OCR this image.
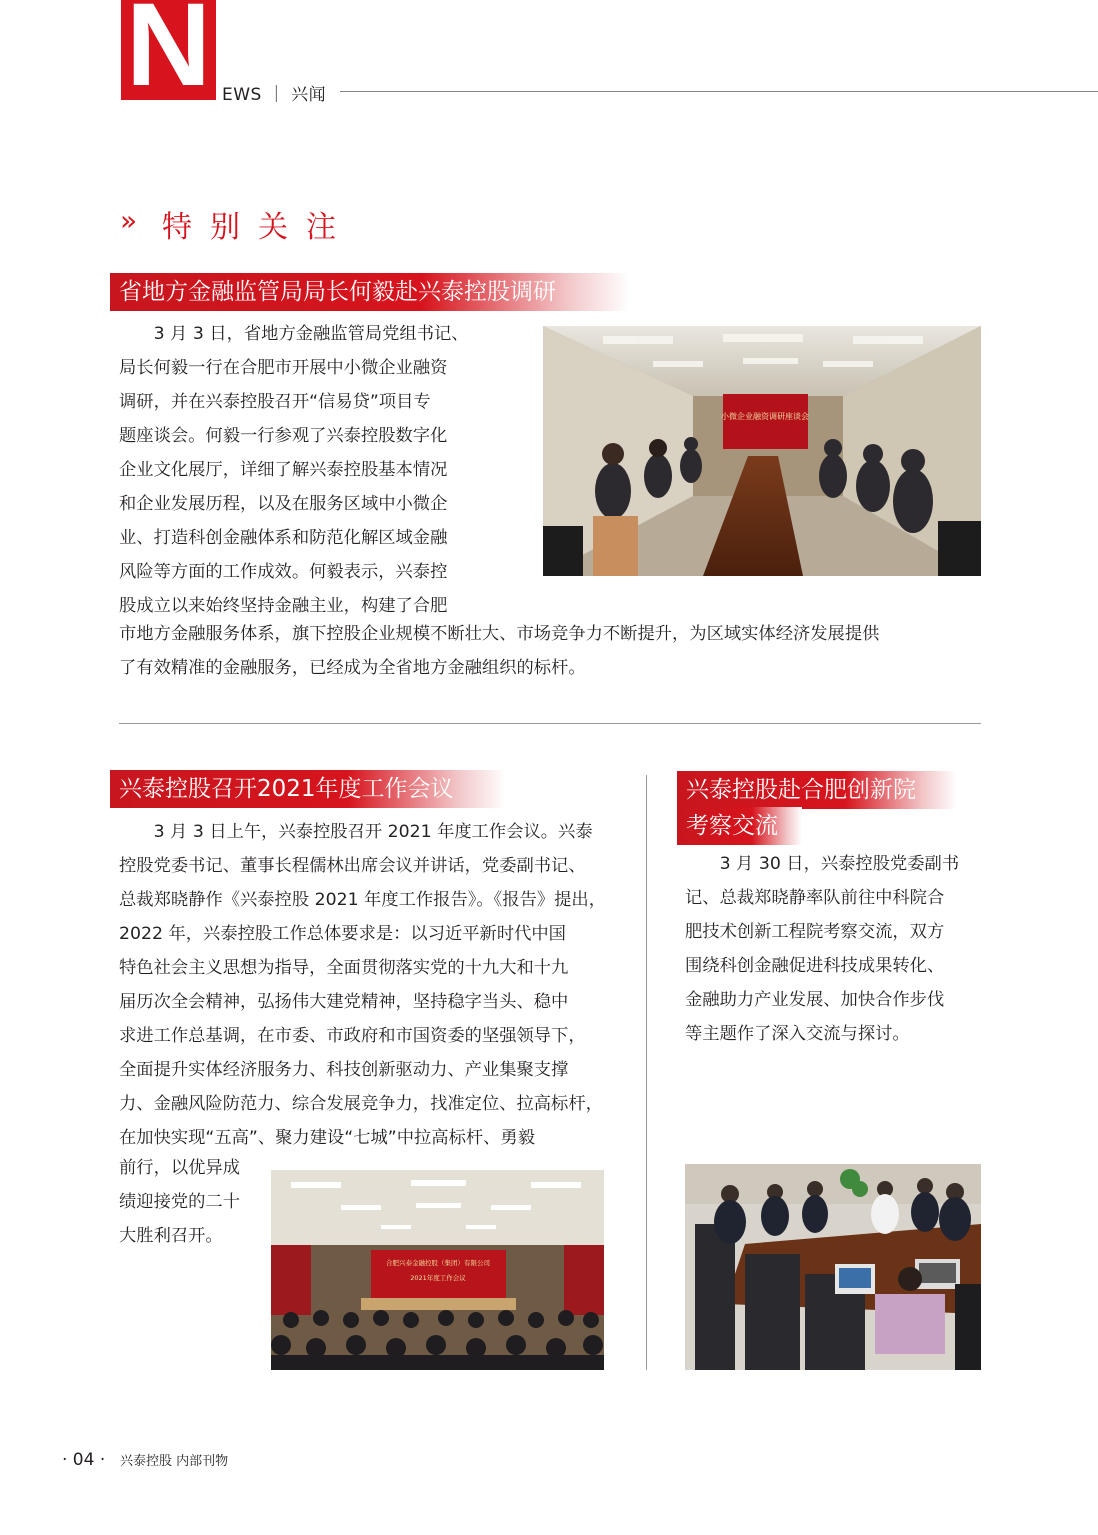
N EWS ｜ 兴闻
» 特别关注
省地方金融监管局局长何毅赴兴泰控股调研
　　3 月 3 日，省地方金融监管局党组书记、
局长何毅一行在合肥市开展中小微企业融资
调研，并在兴泰控股召开“信易贷”项目专
题座谈会。何毅一行参观了兴泰控股数字化
企业文化展厅，详细了解兴泰控股基本情况
和企业发展历程，以及在服务区域中小微企
业、打造科创金融体系和防范化解区域金融
风险等方面的工作成效。何毅表示，兴泰控
股成立以来始终坚持金融主业，构建了合肥
市地方金融服务体系，旗下控股企业规模不断壮大、市场竞争力不断提升，为区域实体经济发展提供
了有效精准的金融服务，已经成为全省地方金融组织的标杆。
小微企业融资调研座谈会
兴泰控股召开2021年度工作会议
　　3 月 3 日上午，兴泰控股召开 2021 年度工作会议。兴泰
控股党委书记、董事长程儒林出席会议并讲话，党委副书记、
总裁郑晓静作《兴泰控股 2021 年度工作报告》。《报告》提出，
2022 年，兴泰控股工作总体要求是：以习近平新时代中国
特色社会主义思想为指导，全面贯彻落实党的十九大和十九
届历次全会精神，弘扬伟大建党精神，坚持稳字当头、稳中
求进工作总基调，在市委、市政府和市国资委的坚强领导下，
全面提升实体经济服务力、科技创新驱动力、产业集聚支撑
力、金融风险防范力、综合发展竞争力，找准定位、拉高标杆，
在加快实现“五高”、聚力建设“七城”中拉高标杆、勇毅
前行，以优异成
绩迎接党的二十
大胜利召开。
合肥兴泰金融控股（集团）有限公司
2021年度工作会议
兴泰控股赴合肥创新院
考察交流
　　3 月 30 日，兴泰控股党委副书
记、总裁郑晓静率队前往中科院合
肥技术创新工程院考察交流，双方
围绕科创金融促进科技成果转化、
金融助力产业发展、加快合作步伐
等主题作了深入交流与探讨。
· 04 · 兴泰控股 内部刊物
